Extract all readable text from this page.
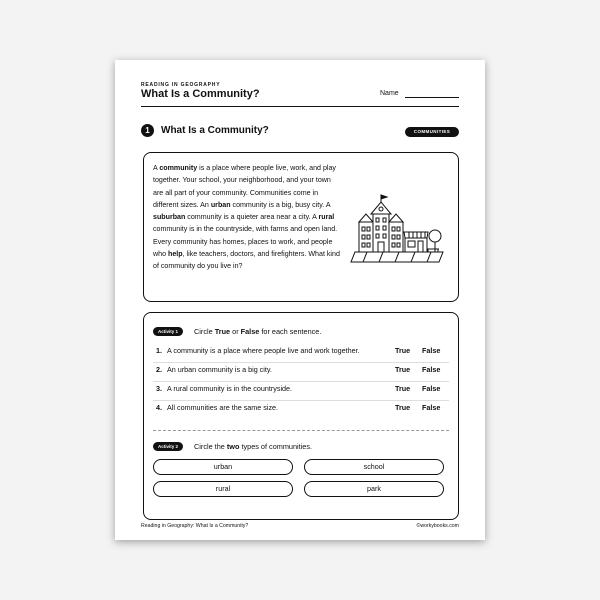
READING IN GEOGRAPHY
What Is a Community?	Name
1	What Is a Community?	COMMUNITIES
A community is a place where people live, work, and play together. Your school, your neighborhood, and your town are all part of your community. Communities come in different sizes. An urban community is a big, busy city. A suburban community is a quieter area near a city. A rural community is in the countryside, with farms and open land. Every community has homes, places to work, and people who help, like teachers, doctors, and firefighters. What kind of community do you live in?
Activity 1	Circle True or False for each sentence.
1. A community is a place where people live and work together.	True False
2. An urban community is a big city.	True False
3. A rural community is in the countryside.	True False
4. All communities are the same size.	True False
Activity 2	Circle the two types of communities.
urban	school
rural	park
Reading in Geography: What Is a Community?	©workybooks.com
